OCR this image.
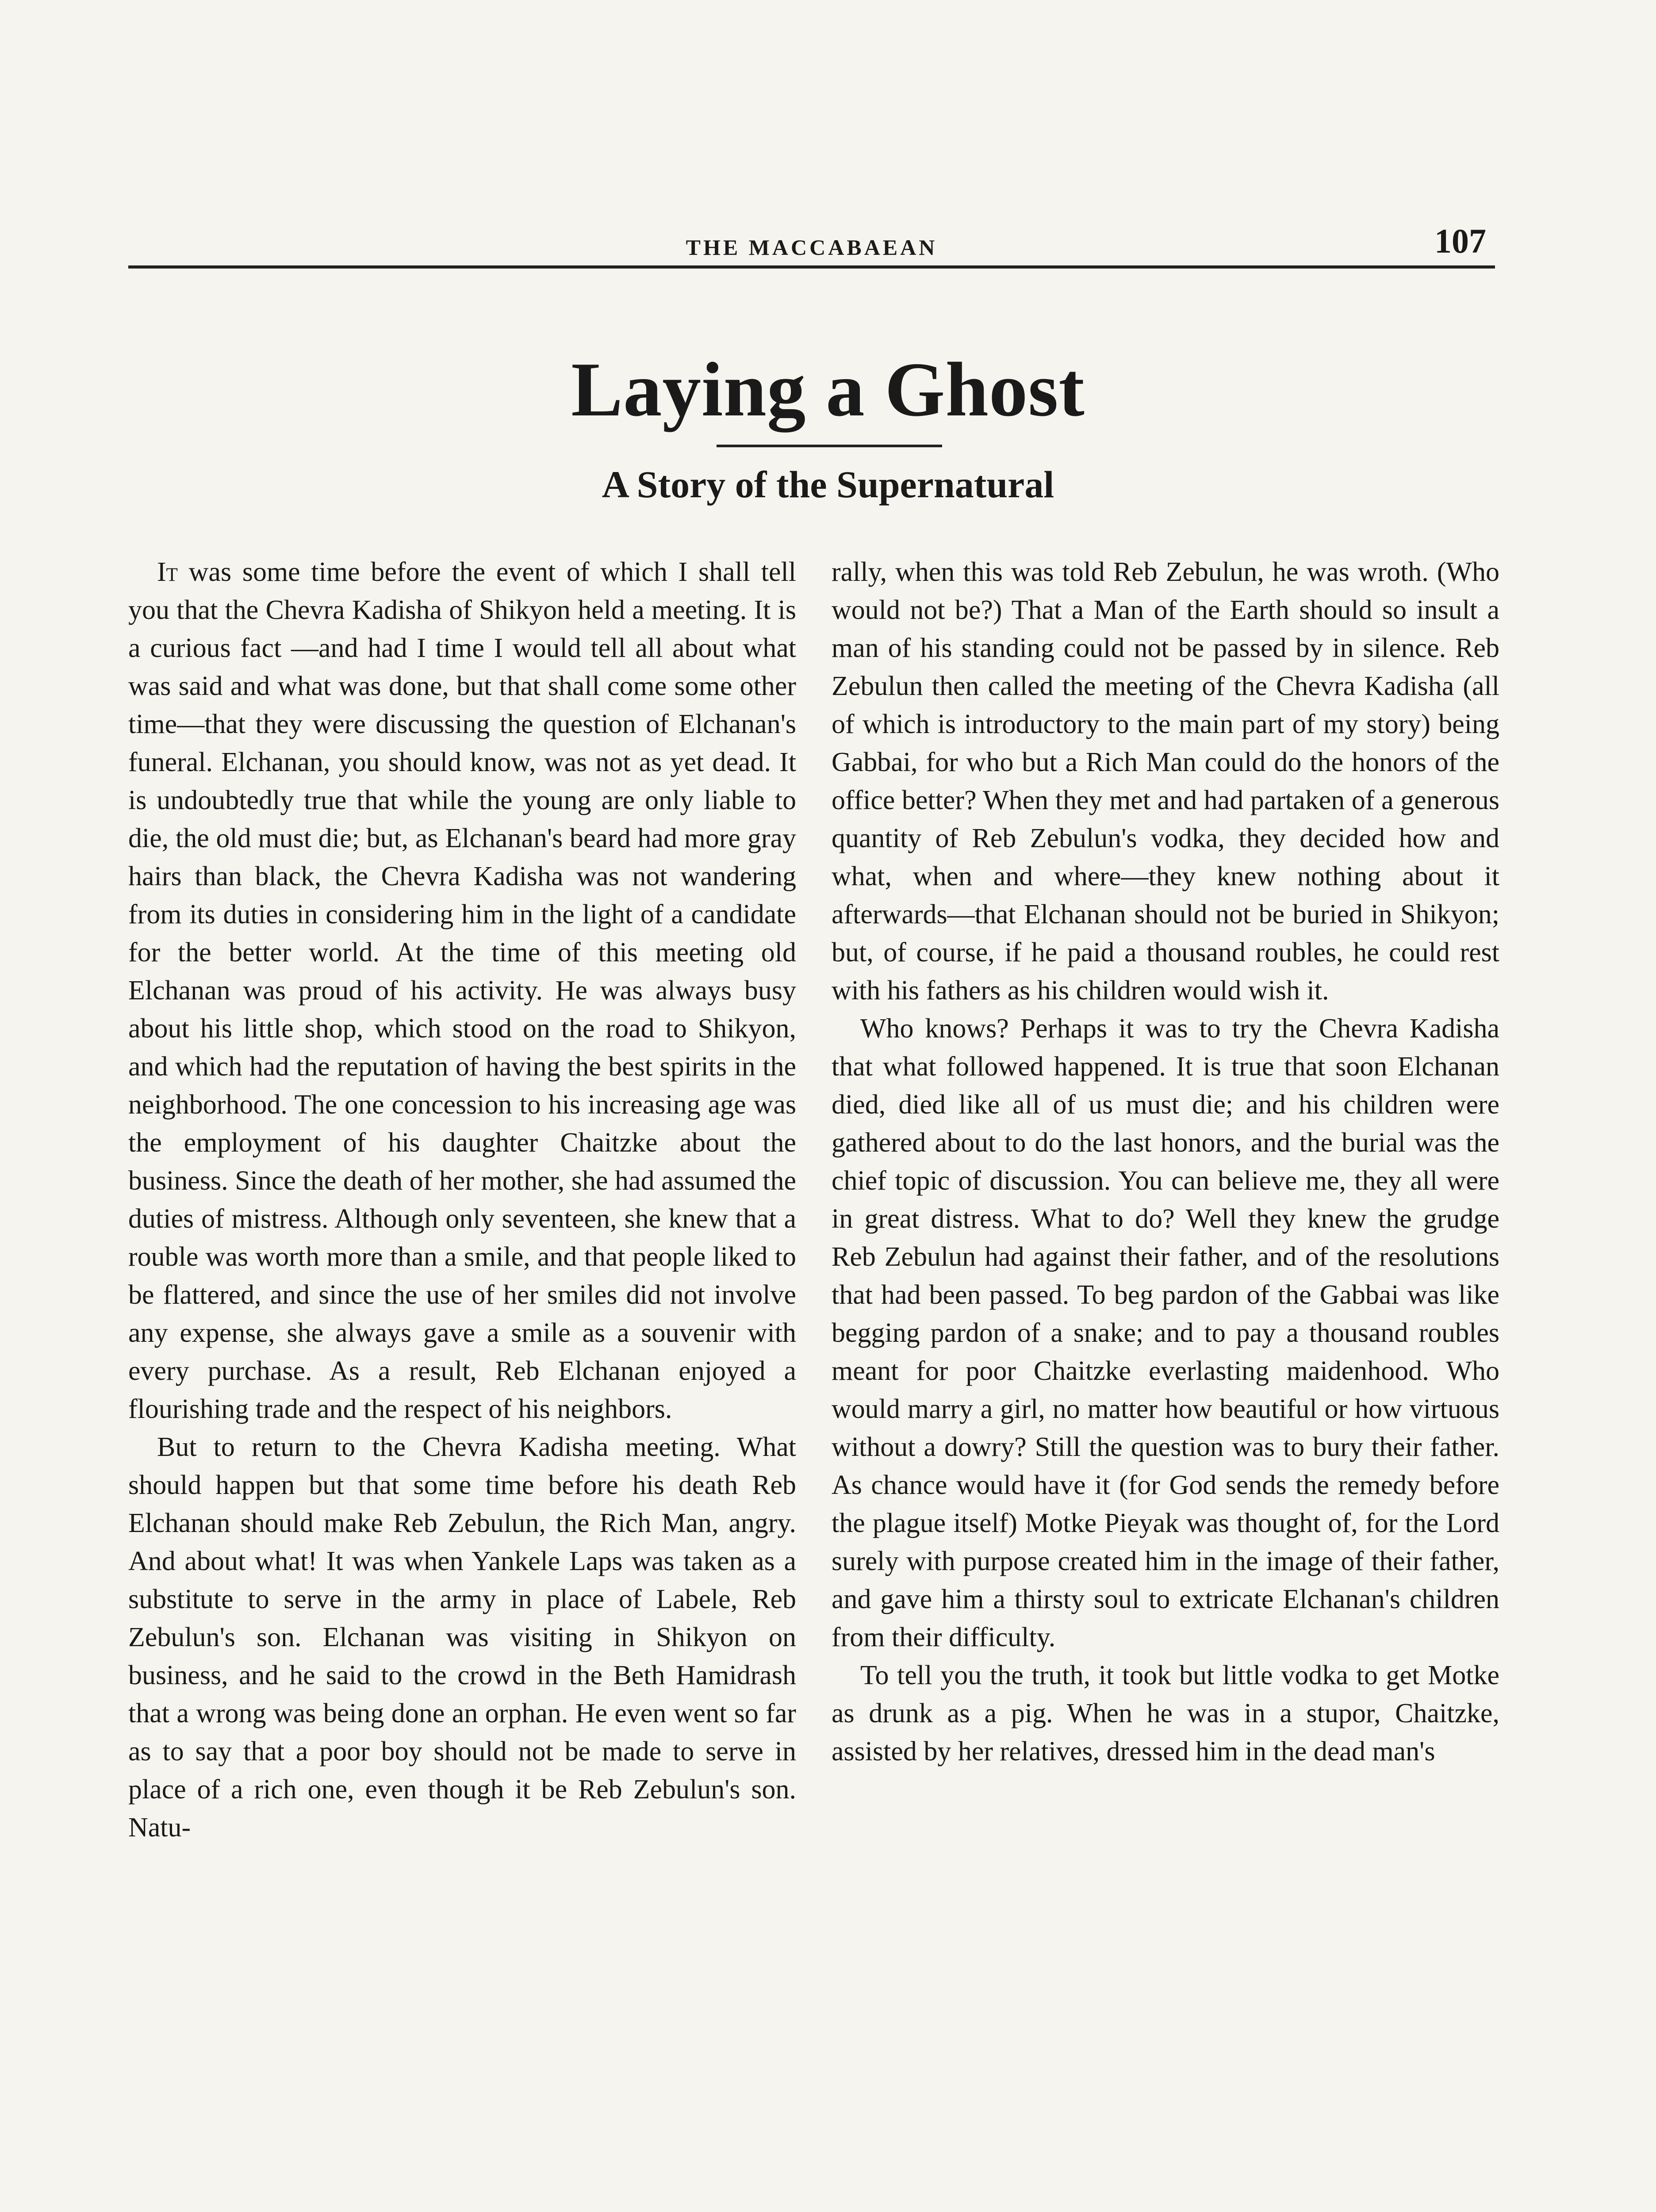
THE MACCABAEAN	107
Laying a Ghost
A Story of the Supernatural

It was some time before the event of which I shall tell you that the Chevra Kadisha of Shikyon held a meeting. It is a curious fact —and had I time I would tell all about what was said and what was done, but that shall come some other time—that they were discussing the question of Elchanan's funeral. Elchanan, you should know, was not as yet dead. It is undoubtedly true that while the young are only liable to die, the old must die; but, as Elchanan's beard had more gray hairs than black, the Chevra Kadisha was not wandering from its duties in considering him in the light of a candidate for the better world. At the time of this meeting old Elchanan was proud of his activity. He was always busy about his little shop, which stood on the road to Shikyon, and which had the reputation of having the best spirits in the neighborhood. The one concession to his increasing age was the employment of his daughter Chaitzke about the business. Since the death of her mother, she had assumed the duties of mistress. Although only seventeen, she knew that a rouble was worth more than a smile, and that people liked to be flattered, and since the use of her smiles did not involve any expense, she always gave a smile as a souvenir with every purchase. As a result, Reb Elchanan enjoyed a flourishing trade and the respect of his neighbors.

But to return to the Chevra Kadisha meeting. What should happen but that some time before his death Reb Elchanan should make Reb Zebulun, the Rich Man, angry. And about what! It was when Yankele Laps was taken as a substitute to serve in the army in place of Labele, Reb Zebulun's son. Elchanan was visiting in Shikyon on business, and he said to the crowd in the Beth Hamidrash that a wrong was being done an orphan. He even went so far as to say that a poor boy should not be made to serve in place of a rich one, even though it be Reb Zebulun's son. Natu-

rally, when this was told Reb Zebulun, he was wroth. (Who would not be?) That a Man of the Earth should so insult a man of his standing could not be passed by in silence. Reb Zebulun then called the meeting of the Chevra Kadisha (all of which is introductory to the main part of my story) being Gabbai, for who but a Rich Man could do the honors of the office better? When they met and had partaken of a generous quantity of Reb Zebulun's vodka, they decided how and what, when and where—they knew nothing about it afterwards—that Elchanan should not be buried in Shikyon; but, of course, if he paid a thousand roubles, he could rest with his fathers as his children would wish it.

Who knows? Perhaps it was to try the Chevra Kadisha that what followed happened. It is true that soon Elchanan died, died like all of us must die; and his children were gathered about to do the last honors, and the burial was the chief topic of discussion. You can believe me, they all were in great distress. What to do? Well they knew the grudge Reb Zebulun had against their father, and of the resolutions that had been passed. To beg pardon of the Gabbai was like begging pardon of a snake; and to pay a thousand roubles meant for poor Chaitzke everlasting maidenhood. Who would marry a girl, no matter how beautiful or how virtuous without a dowry? Still the question was to bury their father. As chance would have it (for God sends the remedy before the plague itself) Motke Pieyak was thought of, for the Lord surely with purpose created him in the image of their father, and gave him a thirsty soul to extricate Elchanan's children from their difficulty.

To tell you the truth, it took but little vodka to get Motke as drunk as a pig. When he was in a stupor, Chaitzke, assisted by her relatives, dressed him in the dead man's
